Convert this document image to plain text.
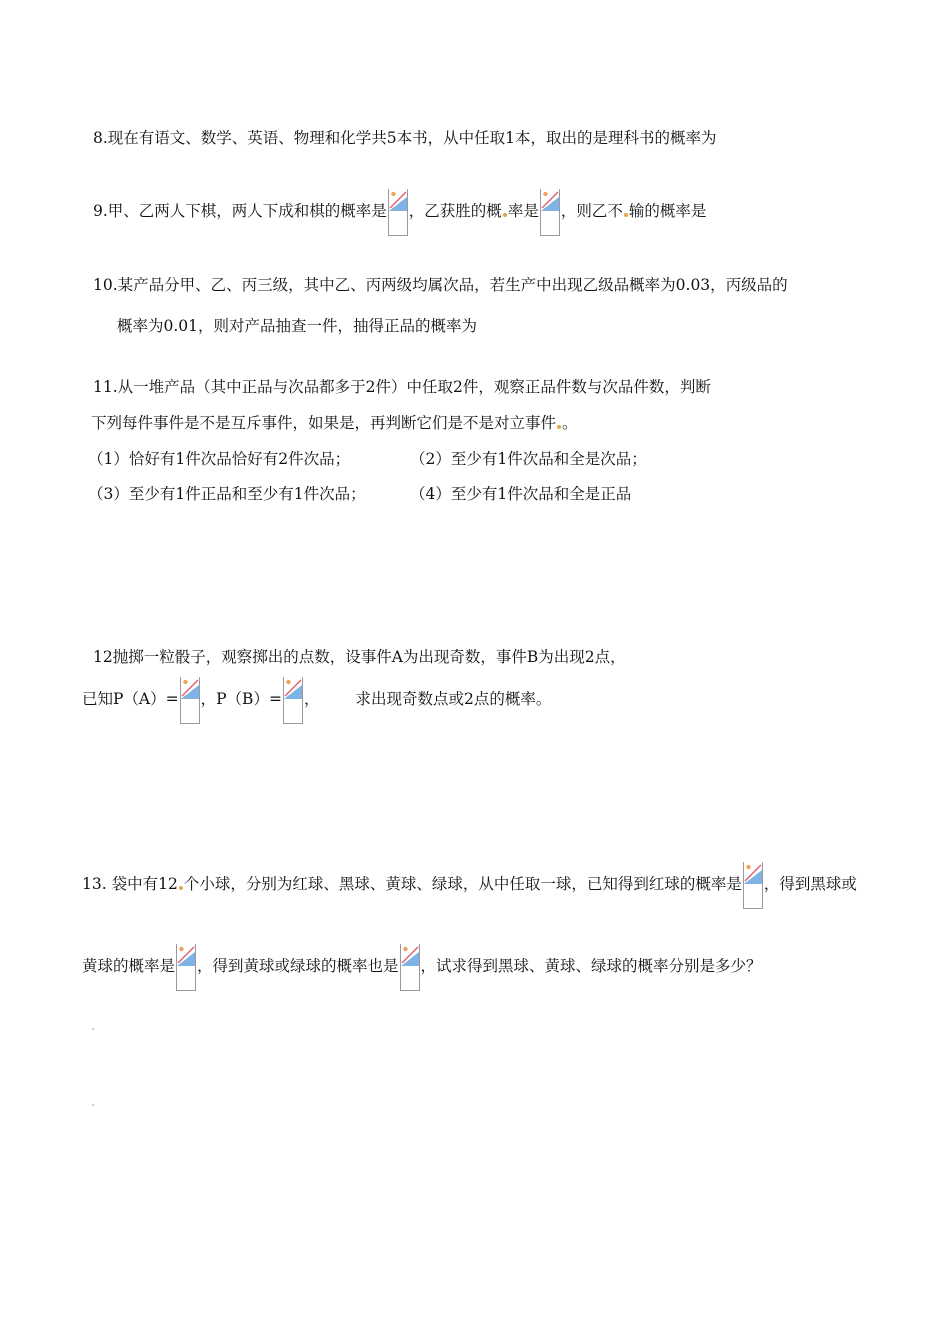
8.现在有语文、数学、英语、物理和化学共5本书，从中任取1本，取出的是理科书的概率为
9.甲、乙两人下棋，两人下成和棋的概率是 ，乙获胜的概 率是 ，则乙不 输的概率是
10.某产品分甲、乙、丙三级，其中乙、丙两级均属次品，若生产中出现乙级品概率为0.03，丙级品的
概率为0.01，则对产品抽查一件，抽得正品的概率为
11.从一堆产品（其中正品与次品都多于2件）中任取2件，观察正品件数与次品件数，判断
下列每件事件是不是互斥事件，如果是，再判断它们是不是对立事件 。
（1）恰好有1件次品恰好有2件次品；	（2）至少有1件次品和全是次品；
（3）至少有1件正品和至少有1件次品；	（4）至少有1件次品和全是正品
12抛掷一粒骰子，观察掷出的点数，设事件A为出现奇数，事件B为出现2点，
已知P（A）= ，P（B）= ， 求出现奇数点或2点的概率。
13. 袋中有12 个小球，分别为红球、黑球、黄球、绿球，从中任取一球，已知得到红球的概率是 ，得到黑球或
黄球的概率是 ，得到黄球或绿球的概率也是 ，试求得到黑球、黄球、绿球的概率分别是多少？
